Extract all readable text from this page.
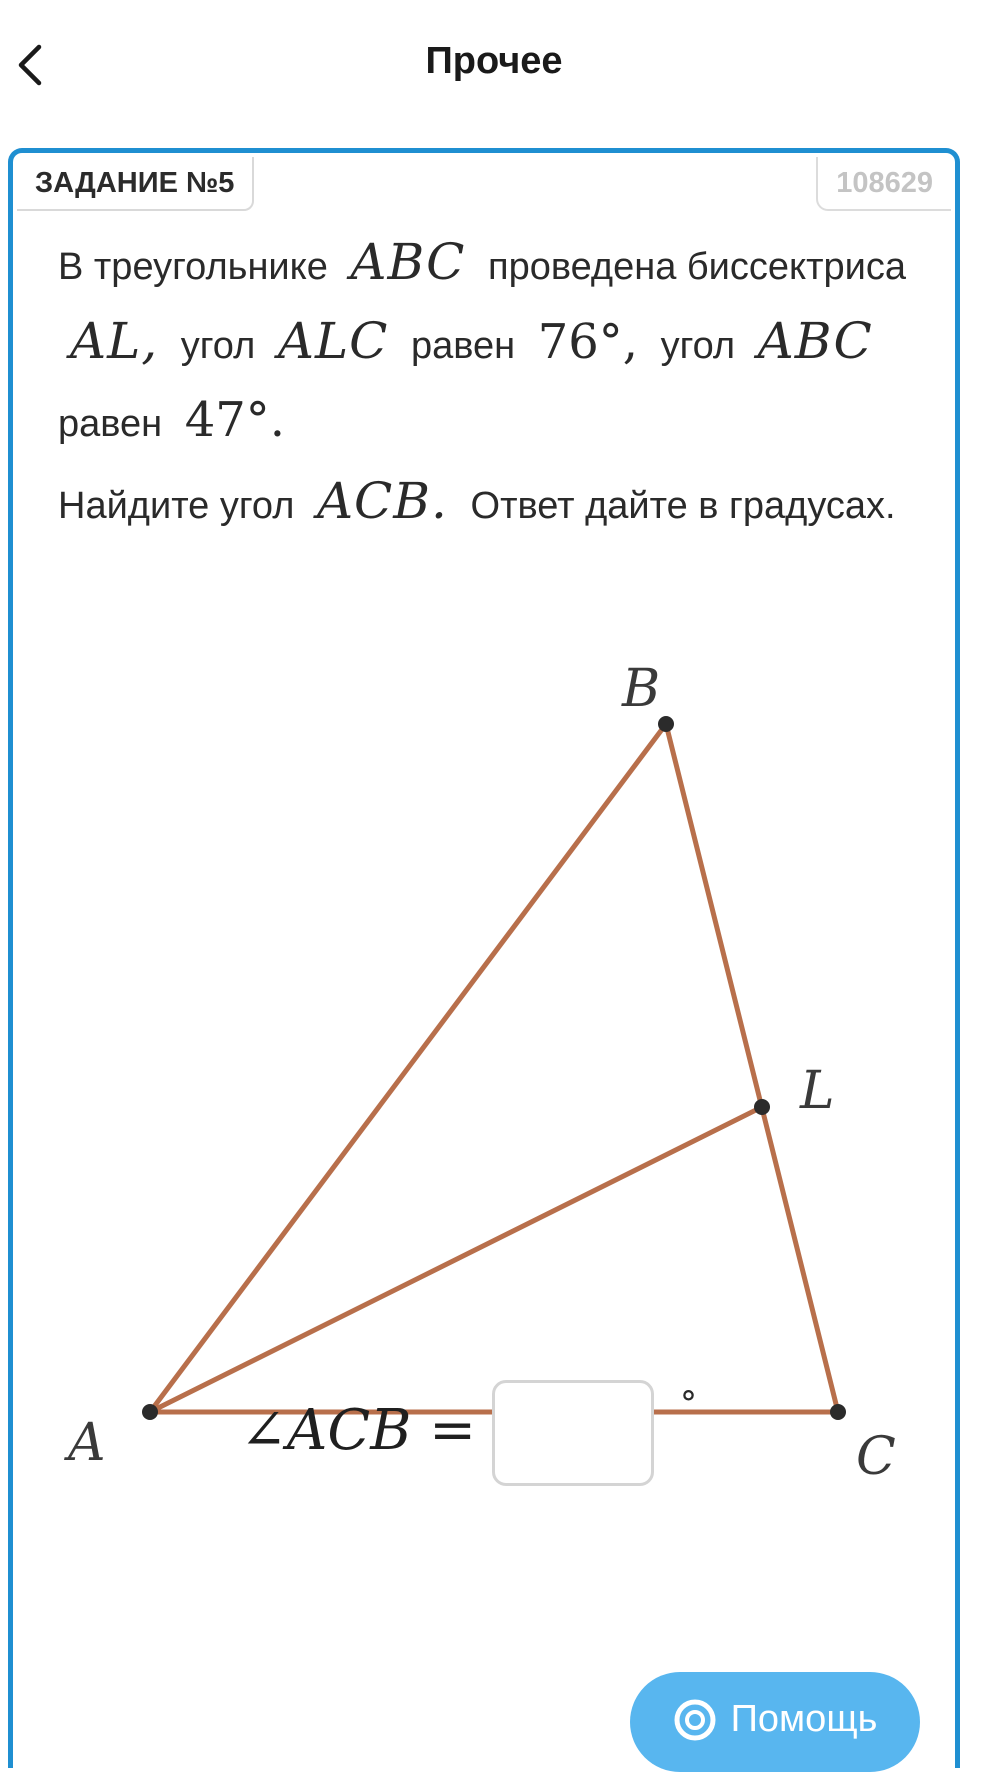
Прочее
ЗАДАНИЕ №5	108629

В треугольнике ABC проведена биссектриса AL, угол ALC равен 76°, угол ABC равен 47°.

Найдите угол ACB. Ответ дайте в градусах.

A
B
C
L
∠ACB =	°
Помощь
